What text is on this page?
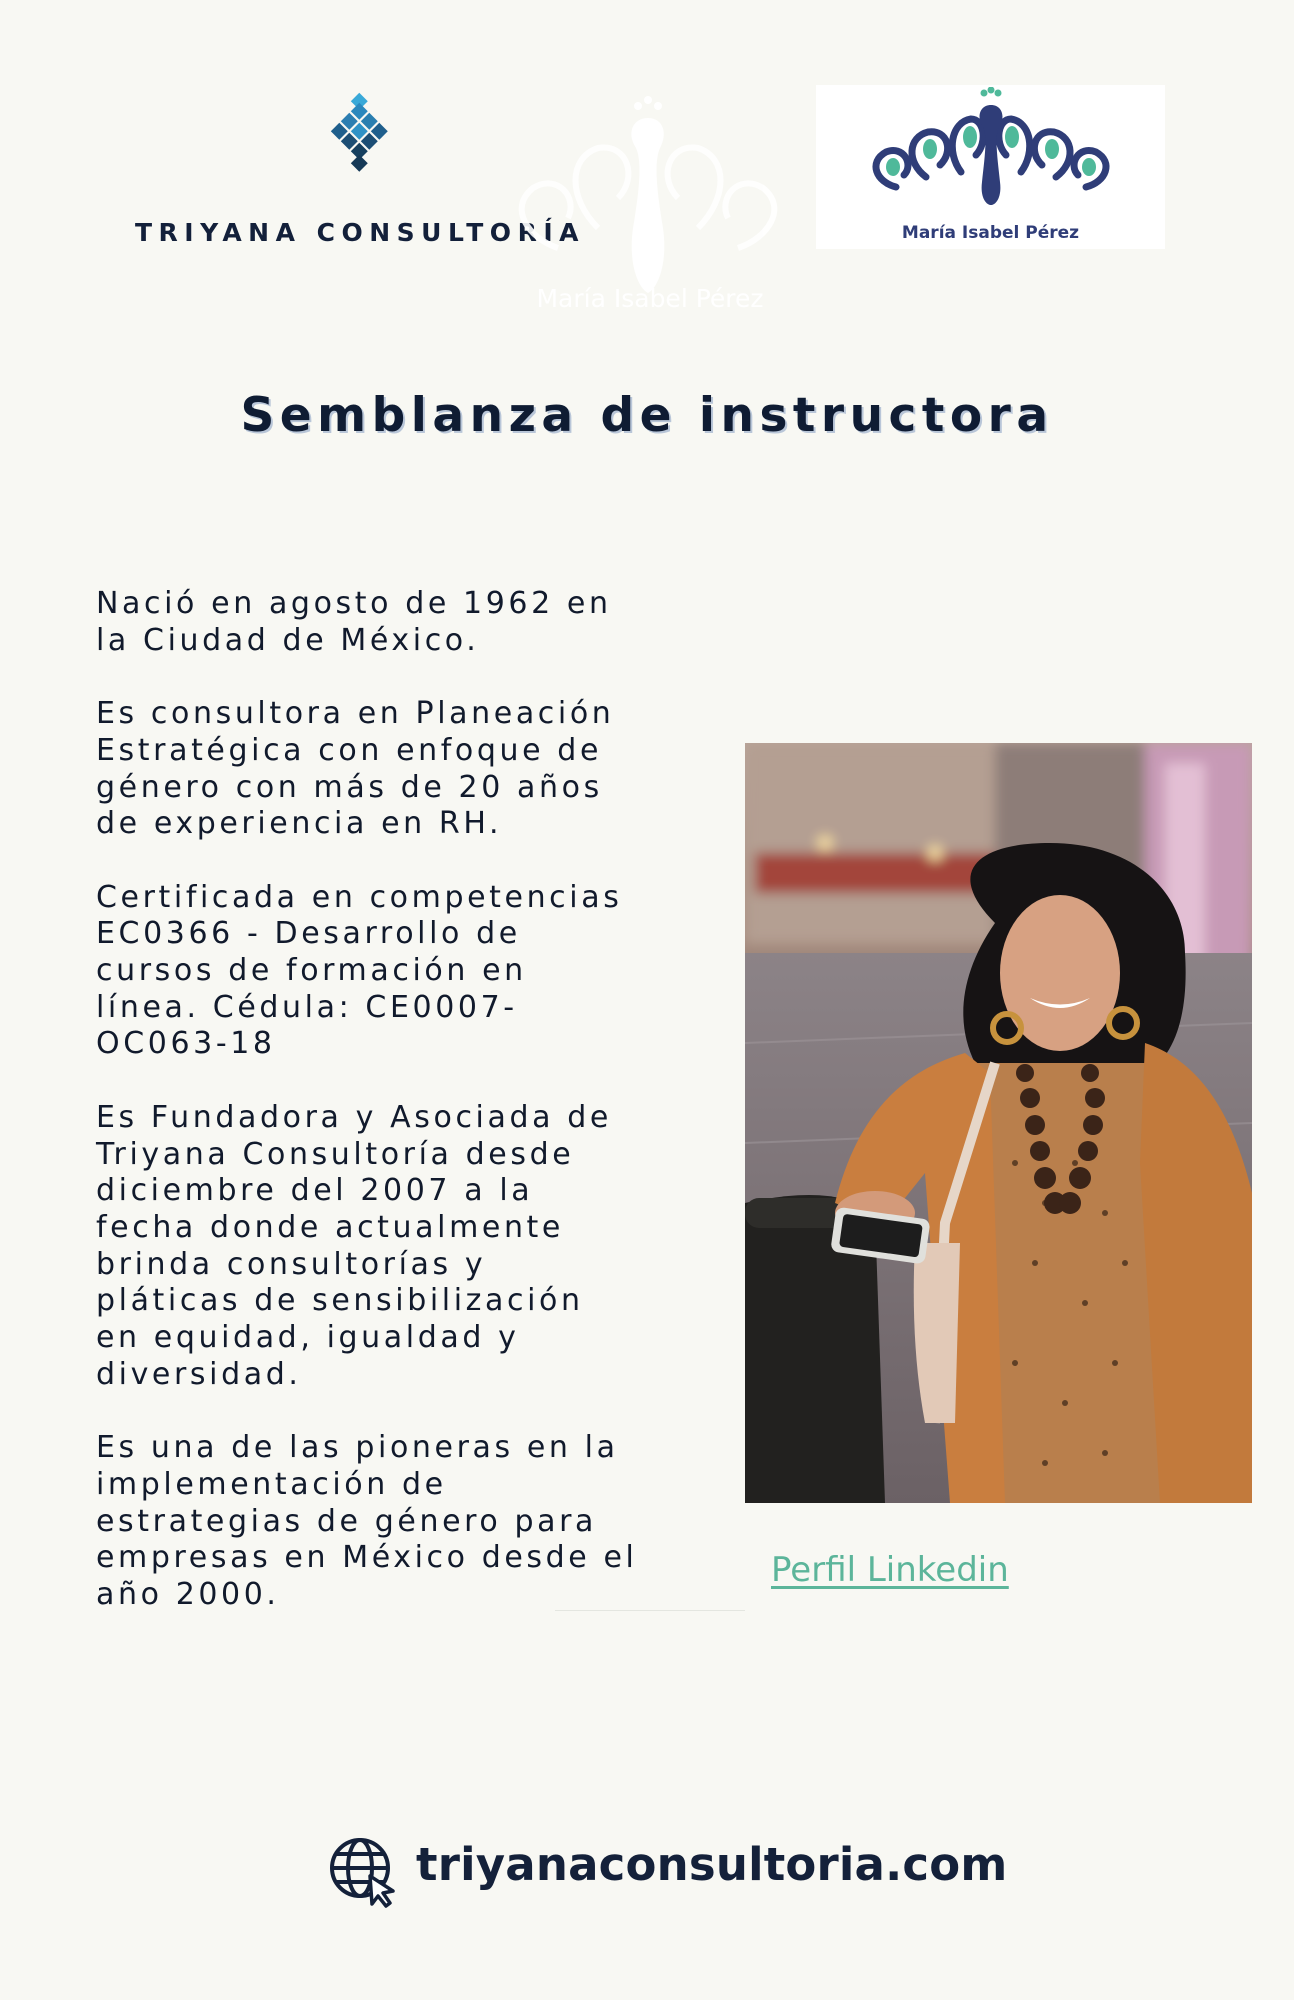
TRIYANA CONSULTORÍA
María Isabel Pérez
María Isabel Pérez
Semblanza de instructora

Nació en agosto de 1962 en
la Ciudad de México.

Es consultora en Planeación
Estratégica con enfoque de
género con más de 20 años
de experiencia en RH.

Certificada en competencias
EC0366 - Desarrollo de
cursos de formación en
línea. Cédula: CE0007-
OC063-18

Es Fundadora y Asociada de
Triyana Consultoría desde
diciembre del 2007 a la
fecha donde actualmente
brinda consultorías y
pláticas de sensibilización
en equidad, igualdad y
diversidad.

Es una de las pioneras en la
implementación de
estrategias de género para
empresas en México desde el
año 2000.

Perfil Linkedin
triyanaconsultoria.com
